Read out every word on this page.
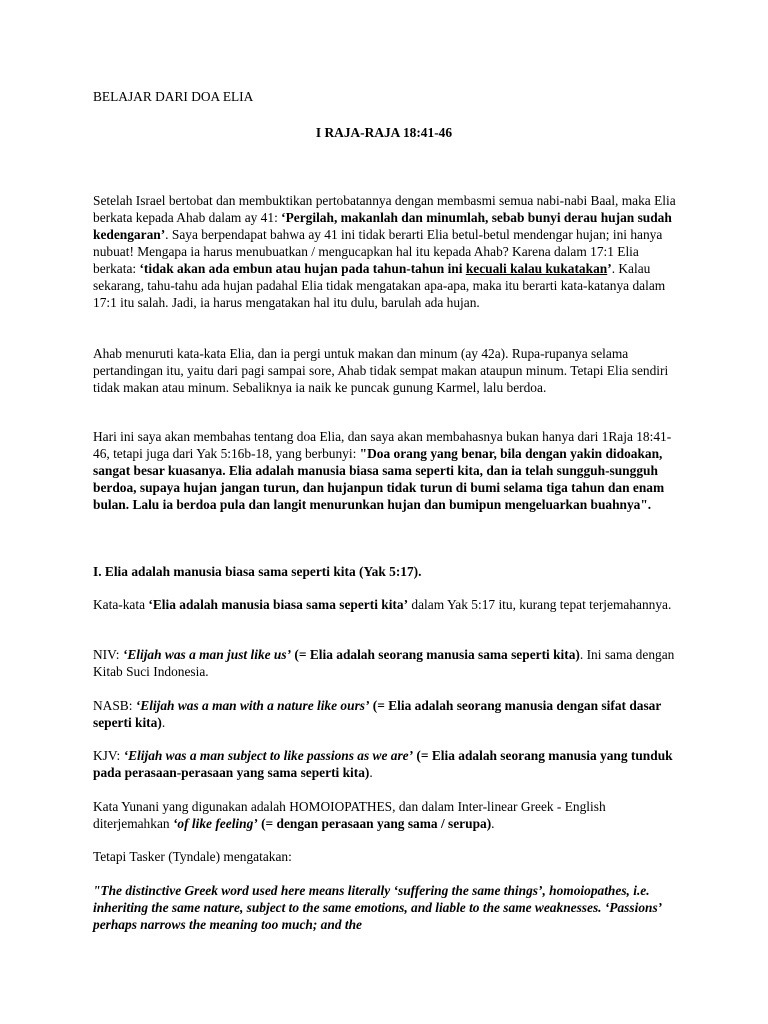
BELAJAR DARI DOA ELIA
I RAJA-RAJA 18:41-46

Setelah Israel bertobat dan membuktikan pertobatannya dengan membasmi semua nabi-nabi Baal, maka Elia berkata kepada Ahab dalam ay 41: ‘Pergilah, makanlah dan minumlah, sebab bunyi derau hujan sudah kedengaran’. Saya berpendapat bahwa ay 41 ini tidak berarti Elia betul-betul mendengar hujan; ini hanya nubuat! Mengapa ia harus menubuatkan / mengucapkan hal itu kepada Ahab? Karena dalam 17:1 Elia berkata: ‘tidak akan ada embun atau hujan pada tahun-tahun ini kecuali kalau kukatakan’. Kalau sekarang, tahu-tahu ada hujan padahal Elia tidak mengatakan apa-apa, maka itu berarti kata-katanya dalam 17:1 itu salah. Jadi, ia harus mengatakan hal itu dulu, barulah ada hujan.

Ahab menuruti kata-kata Elia, dan ia pergi untuk makan dan minum (ay 42a). Rupa-rupanya selama pertandingan itu, yaitu dari pagi sampai sore, Ahab tidak sempat makan ataupun minum. Tetapi Elia sendiri tidak makan atau minum. Sebaliknya ia naik ke puncak gunung Karmel, lalu berdoa.

Hari ini saya akan membahas tentang doa Elia, dan saya akan membahasnya bukan hanya dari 1Raja 18:41-46, tetapi juga dari Yak 5:16b-18, yang berbunyi: "Doa orang yang benar, bila dengan yakin didoakan, sangat besar kuasanya. Elia adalah manusia biasa sama seperti kita, dan ia telah sungguh-sungguh berdoa, supaya hujan jangan turun, dan hujanpun tidak turun di bumi selama tiga tahun dan enam bulan. Lalu ia berdoa pula dan langit menurunkan hujan dan bumipun mengeluarkan buahnya".

I. Elia adalah manusia biasa sama seperti kita (Yak 5:17).

Kata-kata ‘Elia adalah manusia biasa sama seperti kita’ dalam Yak 5:17 itu, kurang tepat terjemahannya.

NIV: ‘Elijah was a man just like us’ (= Elia adalah seorang manusia sama seperti kita). Ini sama dengan Kitab Suci Indonesia.

NASB: ‘Elijah was a man with a nature like ours’ (= Elia adalah seorang manusia dengan sifat dasar seperti kita).

KJV: ‘Elijah was a man subject to like passions as we are’ (= Elia adalah seorang manusia yang tunduk pada perasaan-perasaan yang sama seperti kita).

Kata Yunani yang digunakan adalah HOMOIOPATHES, dan dalam Inter-linear Greek - English diterjemahkan ‘of like feeling’ (= dengan perasaan yang sama / serupa).

Tetapi Tasker (Tyndale) mengatakan:

"The distinctive Greek word used here means literally ‘suffering the same things’, homoiopathes, i.e. inheriting the same nature, subject to the same emotions, and liable to the same weaknesses. ‘Passions’ perhaps narrows the meaning too much; and the
